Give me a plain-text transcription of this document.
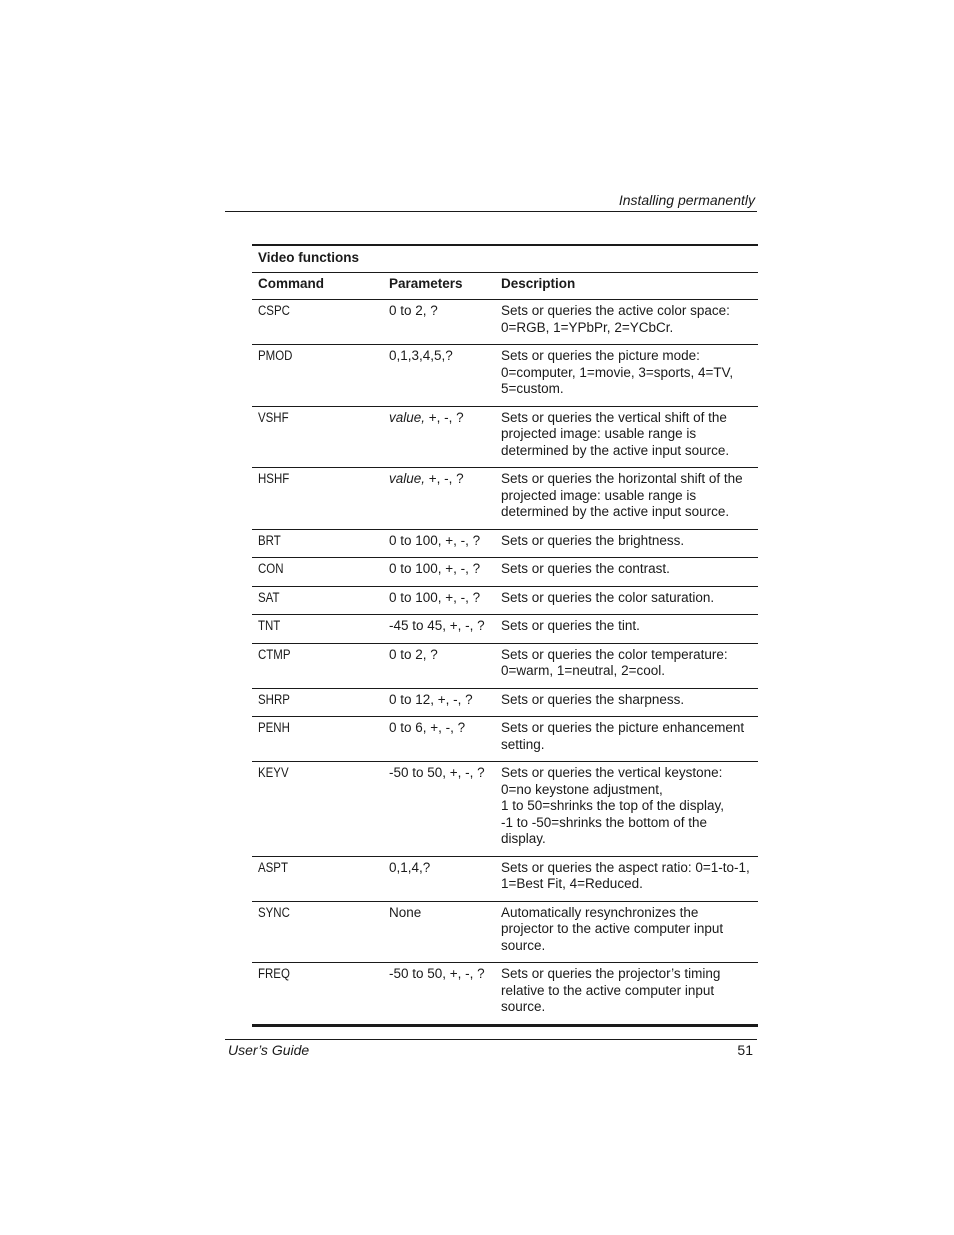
Installing permanently
Video functions
Command	Parameters	Description
CSPC	0 to 2, ?	Sets or queries the active color space: 0=RGB, 1=YPbPr, 2=YCbCr.
PMOD	0,1,3,4,5,?	Sets or queries the picture mode: 0=computer, 1=movie, 3=sports, 4=TV, 5=custom.
VSHF	value, +, -, ?	Sets or queries the vertical shift of the projected image: usable range is determined by the active input source.
HSHF	value, +, -, ?	Sets or queries the horizontal shift of the projected image: usable range is determined by the active input source.
BRT	0 to 100, +, -, ?	Sets or queries the brightness.
CON	0 to 100, +, -, ?	Sets or queries the contrast.
SAT	0 to 100, +, -, ?	Sets or queries the color saturation.
TNT	-45 to 45, +, -, ?	Sets or queries the tint.
CTMP	0 to 2, ?	Sets or queries the color temperature: 0=warm, 1=neutral, 2=cool.
SHRP	0 to 12, +, -, ?	Sets or queries the sharpness.
PENH	0 to 6, +, -, ?	Sets or queries the picture enhancement setting.
KEYV	-50 to 50, +, -, ?	Sets or queries the vertical keystone:
0=no keystone adjustment,
1 to 50=shrinks the top of the display,
-1 to -50=shrinks the bottom of the display.
ASPT	0,1,4,?	Sets or queries the aspect ratio: 0=1-to-1, 1=Best Fit, 4=Reduced.
SYNC	None	Automatically resynchronizes the projector to the active computer input source.
FREQ	-50 to 50, +, -, ?	Sets or queries the projector’s timing relative to the active computer input source.
User’s Guide	51
